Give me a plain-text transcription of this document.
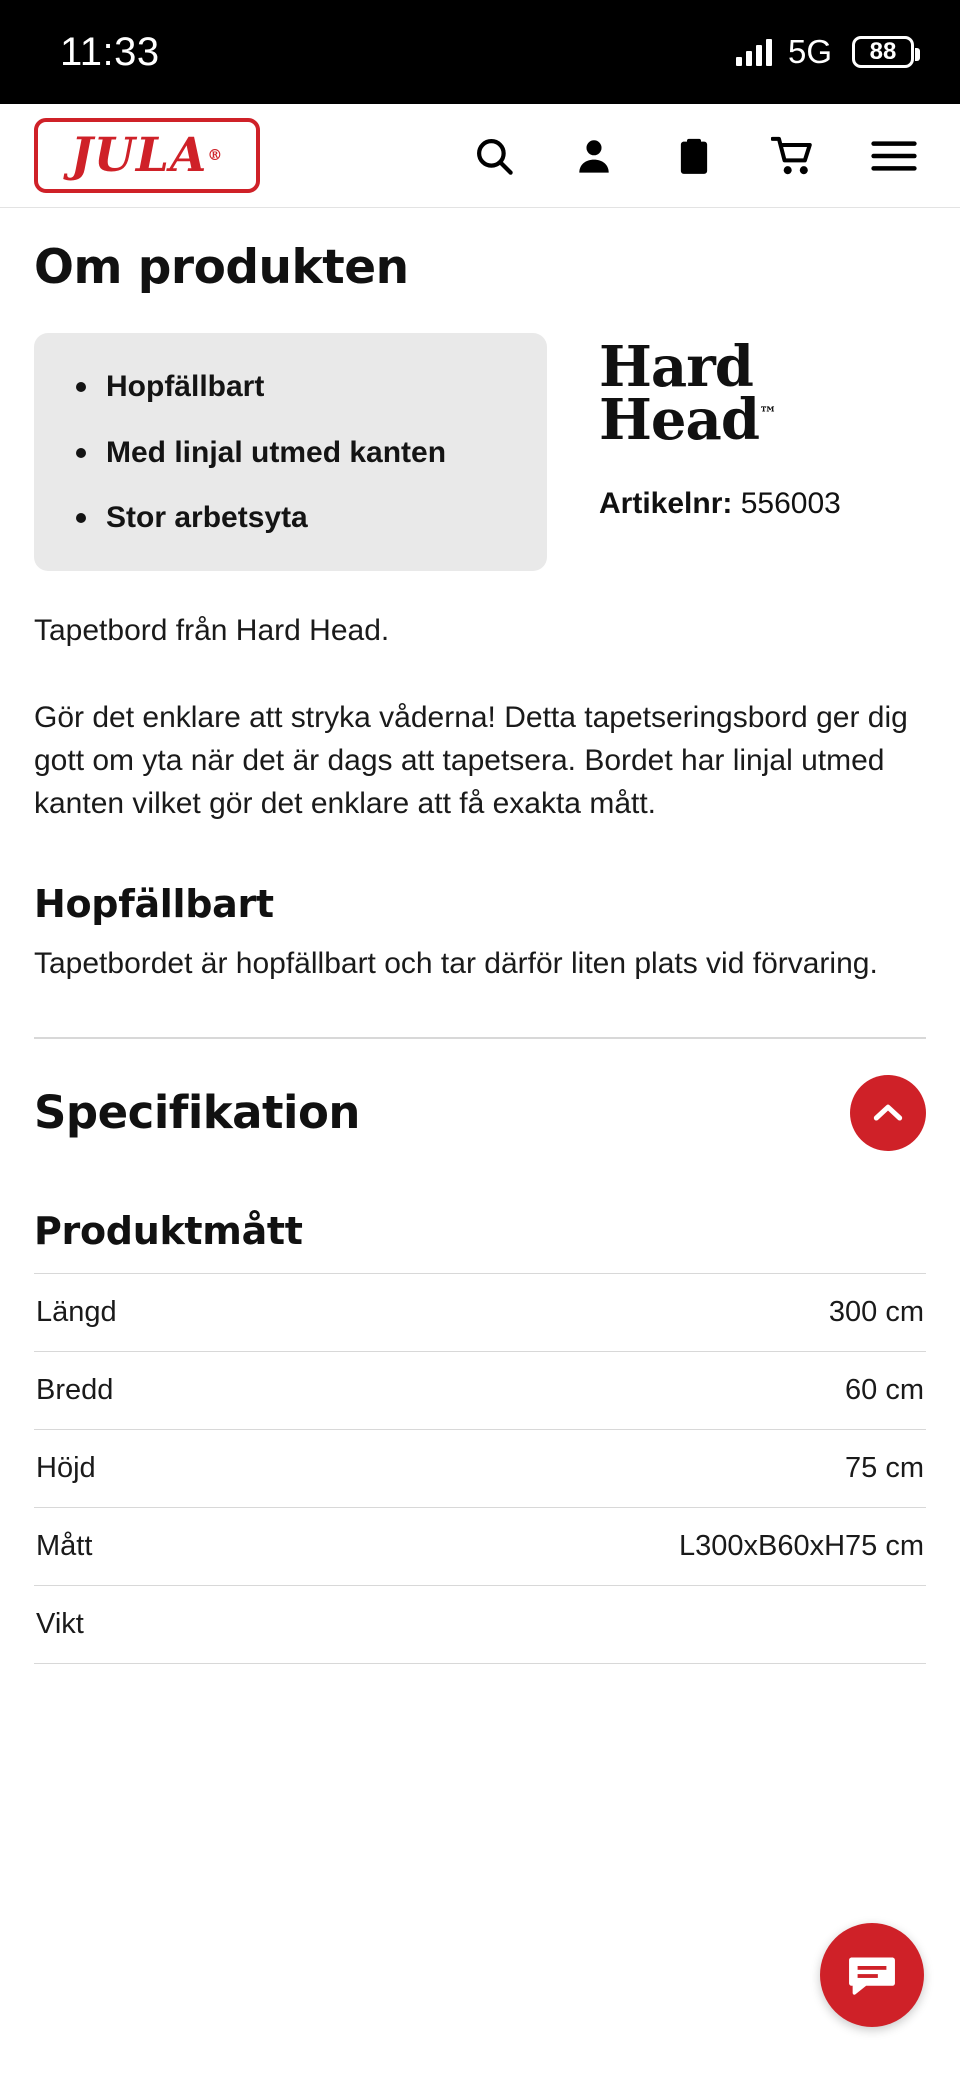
11:33	5G 88
JULA ®
Om produkten
Hopfällbart
Med linjal utmed kanten
Stor arbetsyta
Hard
Head™
Artikelnr: 556003

Tapetbord från Hard Head.

Gör det enklare att stryka våderna! Detta tapetseringsbord ger dig gott om yta när det är dags att tapetsera. Bordet har linjal utmed kanten vilket gör det enklare att få exakta mått.

Hopfällbart

Tapetbordet är hopfällbart och tar därför liten plats vid förvaring.

Specifikation
Produktmått
Längd	300 cm
Bredd	60 cm
Höjd	75 cm
Mått	L300xB60xH75 cm
Vikt
